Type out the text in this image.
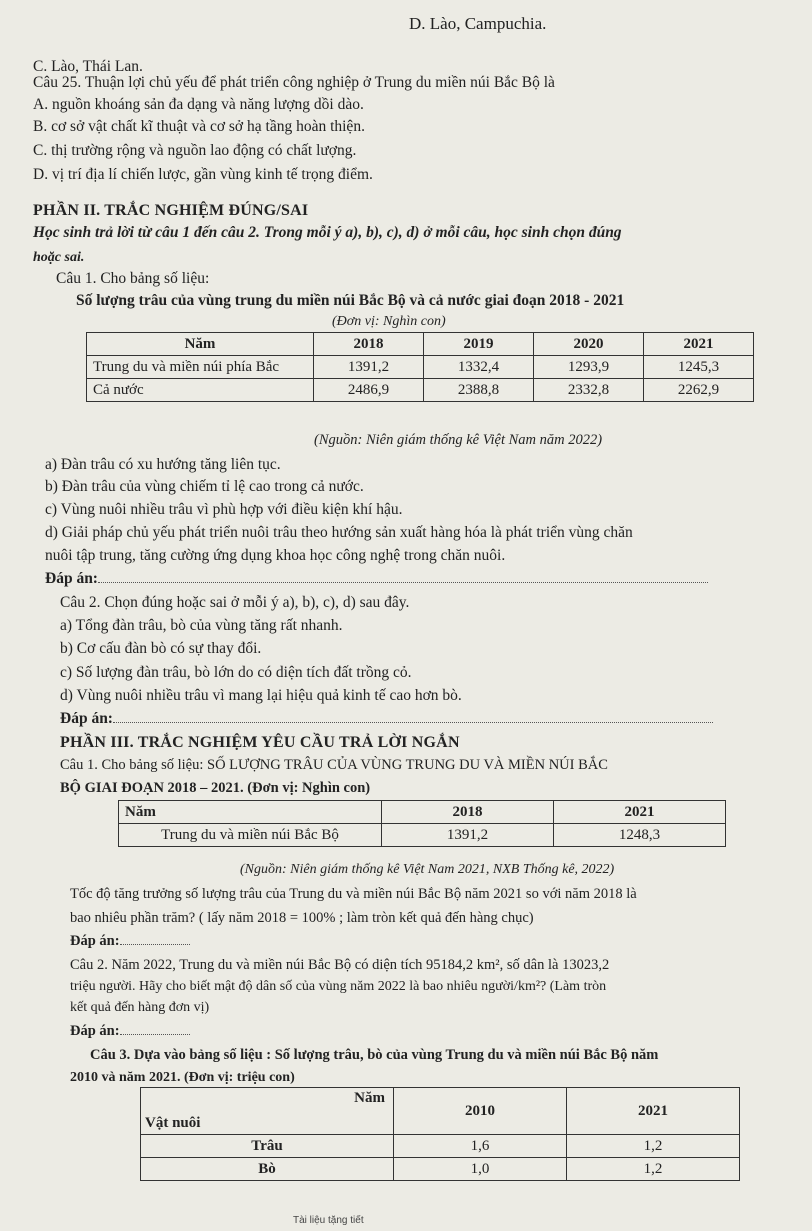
D. Lào, Campuchia.
C. Lào, Thái Lan.
Câu 25. Thuận lợi chủ yếu để phát triển công nghiệp ở Trung du miền núi Bắc Bộ là
A. nguồn khoáng sản đa dạng và năng lượng dồi dào.
B. cơ sở vật chất kĩ thuật và cơ sở hạ tầng hoàn thiện.
C. thị trường rộng và nguồn lao động có chất lượng.
D. vị trí địa lí chiến lược, gần vùng kinh tế trọng điểm.
PHẦN II. TRẮC NGHIỆM ĐÚNG/SAI
Học sinh trả lời từ câu 1 đến câu 2. Trong mỗi ý a), b), c), d) ở mỗi câu, học sinh chọn đúng
hoặc sai.
Câu 1. Cho bảng số liệu:
Số lượng trâu của vùng trung du miền núi Bắc Bộ và cả nước giai đoạn 2018 - 2021
(Đơn vị: Nghìn con)
Năm	2018	2019	2020	2021
Trung du và miền núi phía Bắc	1391,2	1332,4	1293,9	1245,3
Cả nước	2486,9	2388,8	2332,8	2262,9
(Nguồn: Niên giám thống kê Việt Nam năm 2022)
a) Đàn trâu có xu hướng tăng liên tục.
b) Đàn trâu của vùng chiếm tỉ lệ cao trong cả nước.
c) Vùng nuôi nhiều trâu vì phù hợp với điều kiện khí hậu.
d) Giải pháp chủ yếu phát triển nuôi trâu theo hướng sản xuất hàng hóa là phát triển vùng chăn
nuôi tập trung, tăng cường ứng dụng khoa học công nghệ trong chăn nuôi.
Đáp án:
Câu 2. Chọn đúng hoặc sai ở mỗi ý a), b), c), d) sau đây.
a) Tổng đàn trâu, bò của vùng tăng rất nhanh.
b) Cơ cấu đàn bò có sự thay đổi.
c) Số lượng đàn trâu, bò lớn do có diện tích đất trồng cỏ.
d) Vùng nuôi nhiều trâu vì mang lại hiệu quả kinh tế cao hơn bò.
Đáp án:
PHẦN III. TRẮC NGHIỆM YÊU CẦU TRẢ LỜI NGẮN
Câu 1. Cho bảng số liệu: SỐ LƯỢNG TRÂU CỦA VÙNG TRUNG DU VÀ MIỀN NÚI BẮC
BỘ GIAI ĐOẠN 2018 – 2021. (Đơn vị: Nghìn con)
Năm	2018	2021
Trung du và miền núi Bắc Bộ	1391,2	1248,3
(Nguồn: Niên giám thống kê Việt Nam 2021, NXB Thống kê, 2022)
Tốc độ tăng trưởng số lượng trâu của Trung du và miền núi Bắc Bộ năm 2021 so với năm 2018 là
bao nhiêu phần trăm? ( lấy năm 2018 = 100% ; làm tròn kết quả đến hàng chục)
Đáp án:
Câu 2. Năm 2022, Trung du và miền núi Bắc Bộ có diện tích 95184,2 km², số dân là 13023,2
triệu người. Hãy cho biết mật độ dân số của vùng năm 2022 là bao nhiêu người/km²? (Làm tròn
kết quả đến hàng đơn vị)
Đáp án:
Câu 3. Dựa vào bảng số liệu : Số lượng trâu, bò của vùng Trung du và miền núi Bắc Bộ năm
2010 và năm 2021. (Đơn vị: triệu con)
Năm
Vật nuôi	2010	2021
Trâu	1,6	1,2
Bò	1,0	1,2
Tài liệu tặng tiết
